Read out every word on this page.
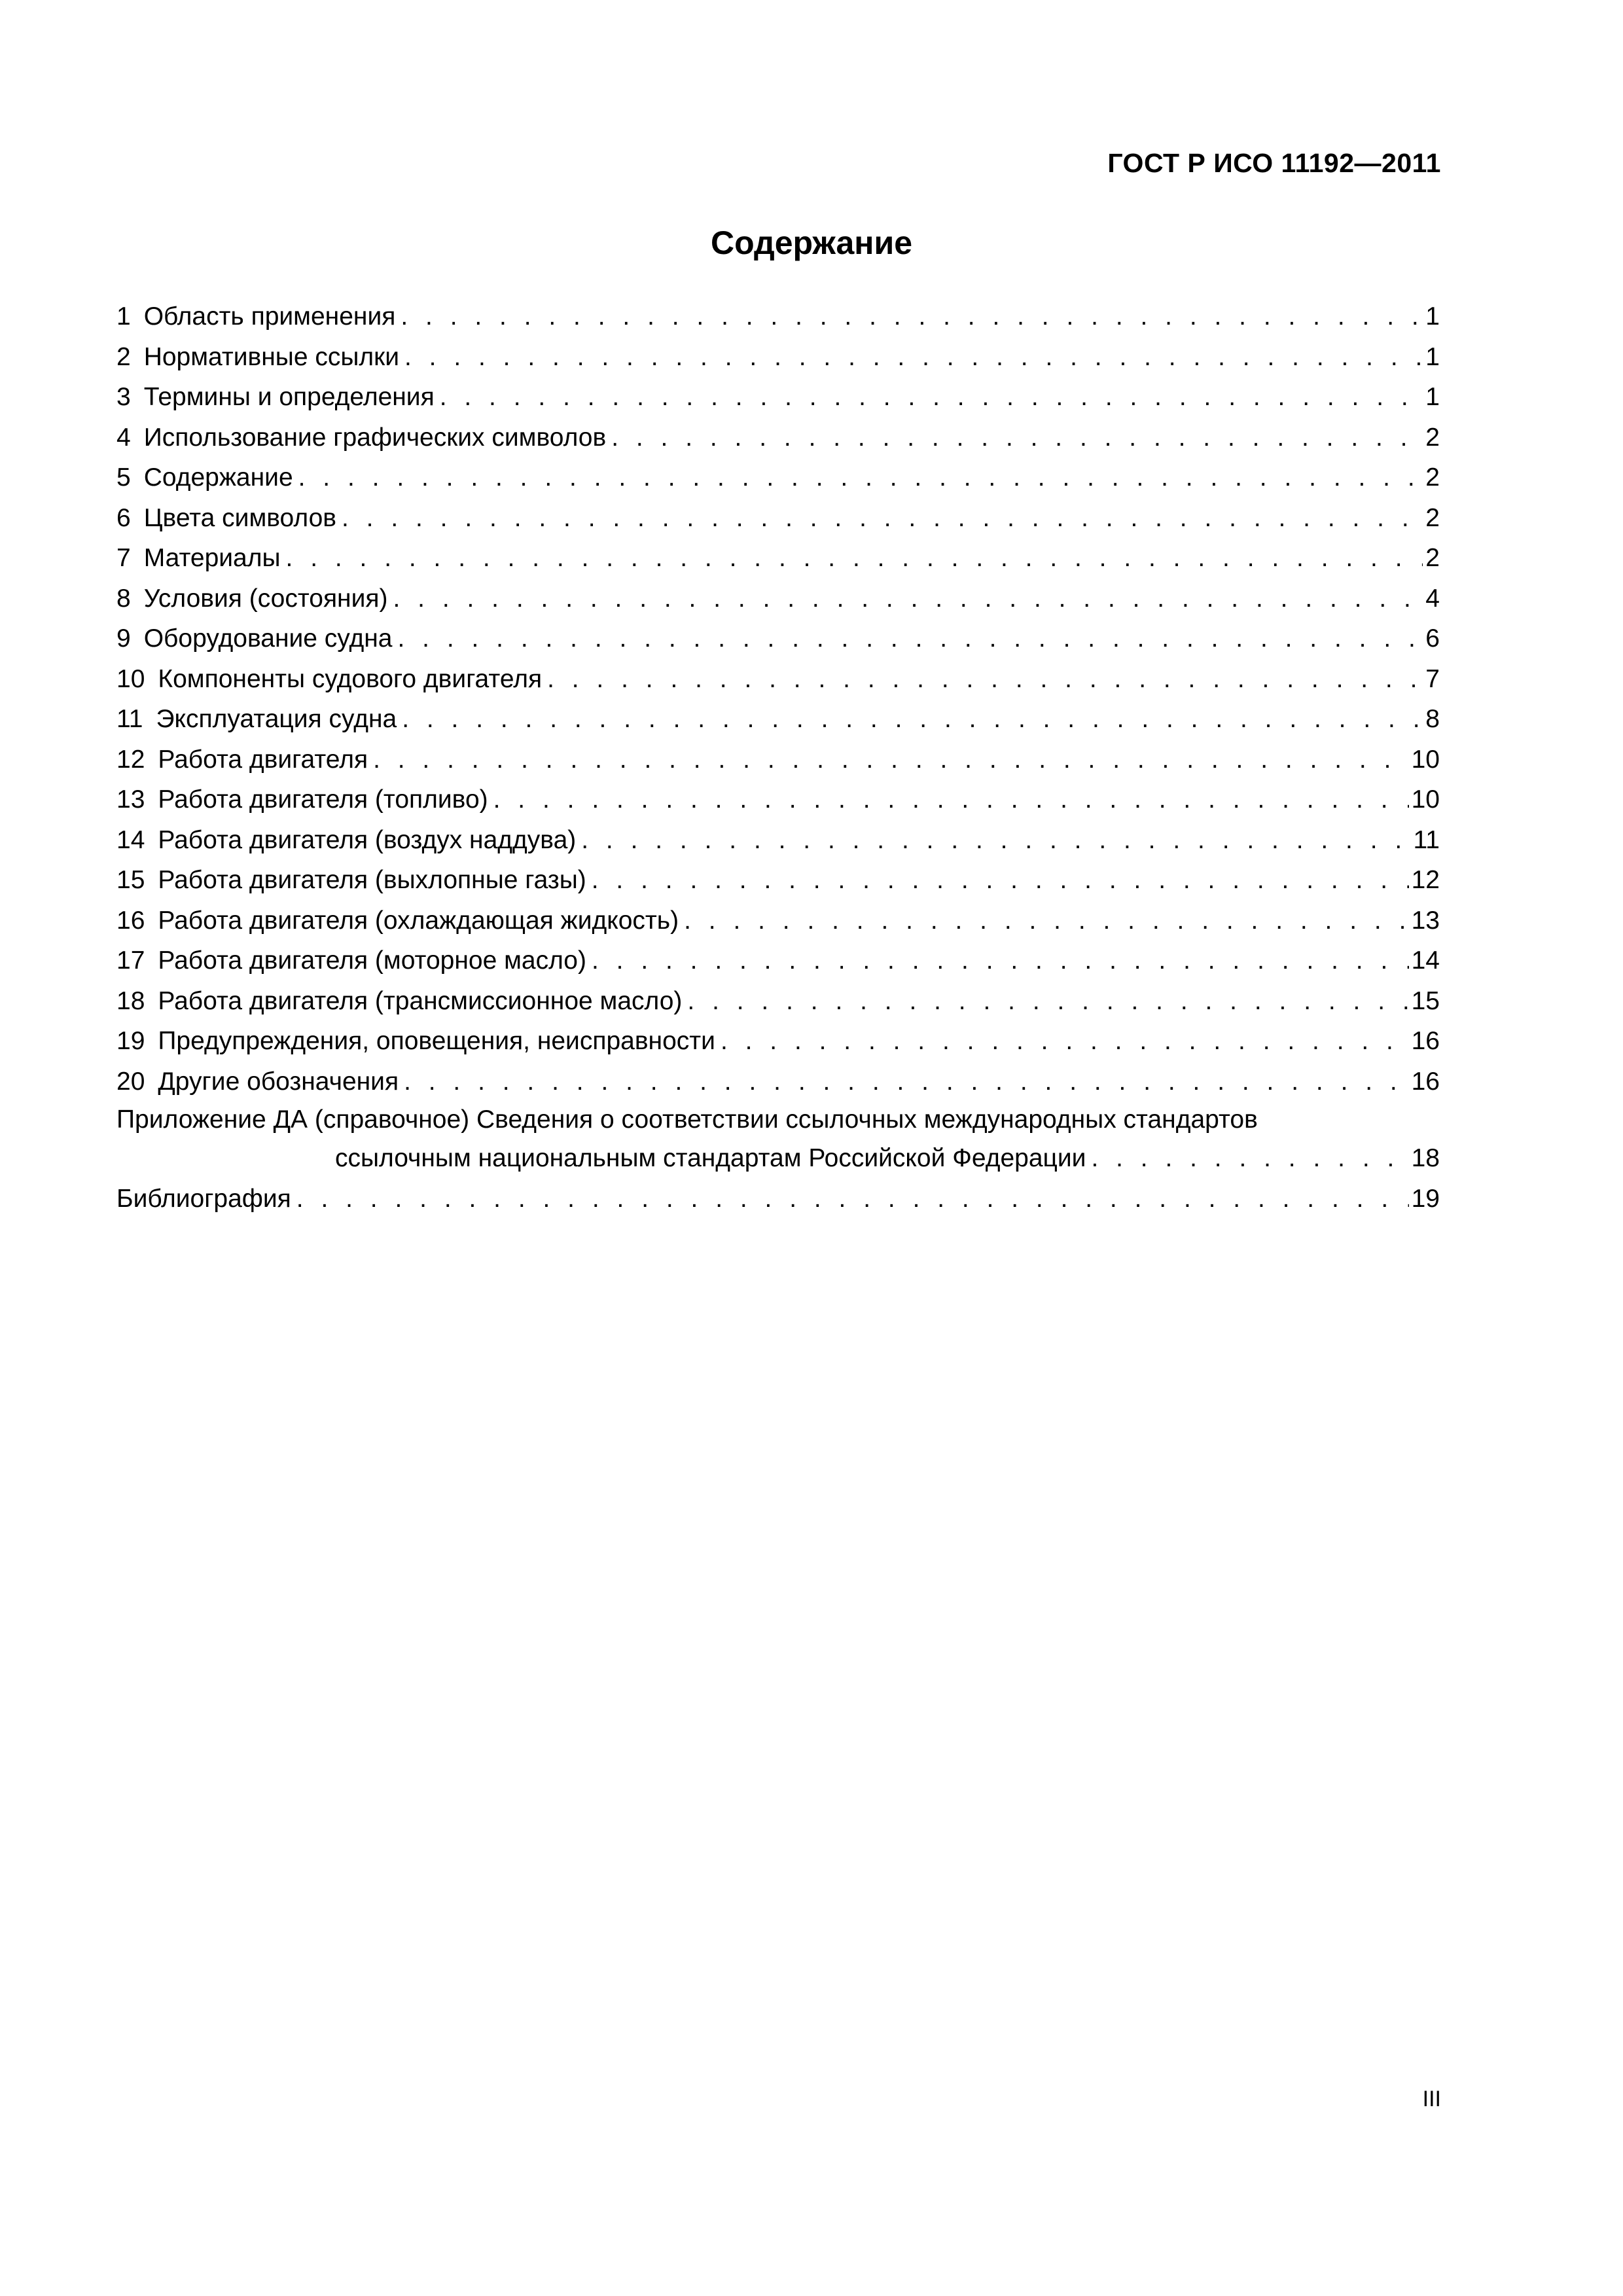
ГОСТ Р ИСО 11192—2011
Содержание
1 Область применения . . .	1
2 Нормативные ссылки . . .	1
3 Термины и определения . . .	1
4 Использование графических символов . . .	2
5 Содержание . . .	2
6 Цвета символов . . .	2
7 Материалы . . .	2
8 Условия (состояния) . . .	4
9 Оборудование судна . . .	6
10 Компоненты судового двигателя . . .	7
11 Эксплуатация судна . . .	8
12 Работа двигателя . . .	10
13 Работа двигателя (топливо) . . .	10
14 Работа двигателя (воздух наддува) . . .	11
15 Работа двигателя (выхлопные газы) . . .	12
16 Работа двигателя (охлаждающая жидкость) . . .	13
17 Работа двигателя (моторное масло) . . .	14
18 Работа двигателя (трансмиссионное масло) . . .	15
19 Предупреждения, оповещения, неисправности . . .	16
20 Другие обозначения . . .	16
Приложение ДА (справочное) Сведения о соответствии ссылочных международных стандартов
ссылочным национальным стандартам Российской Федерации . . .	18
Библиография . . .	19
III
